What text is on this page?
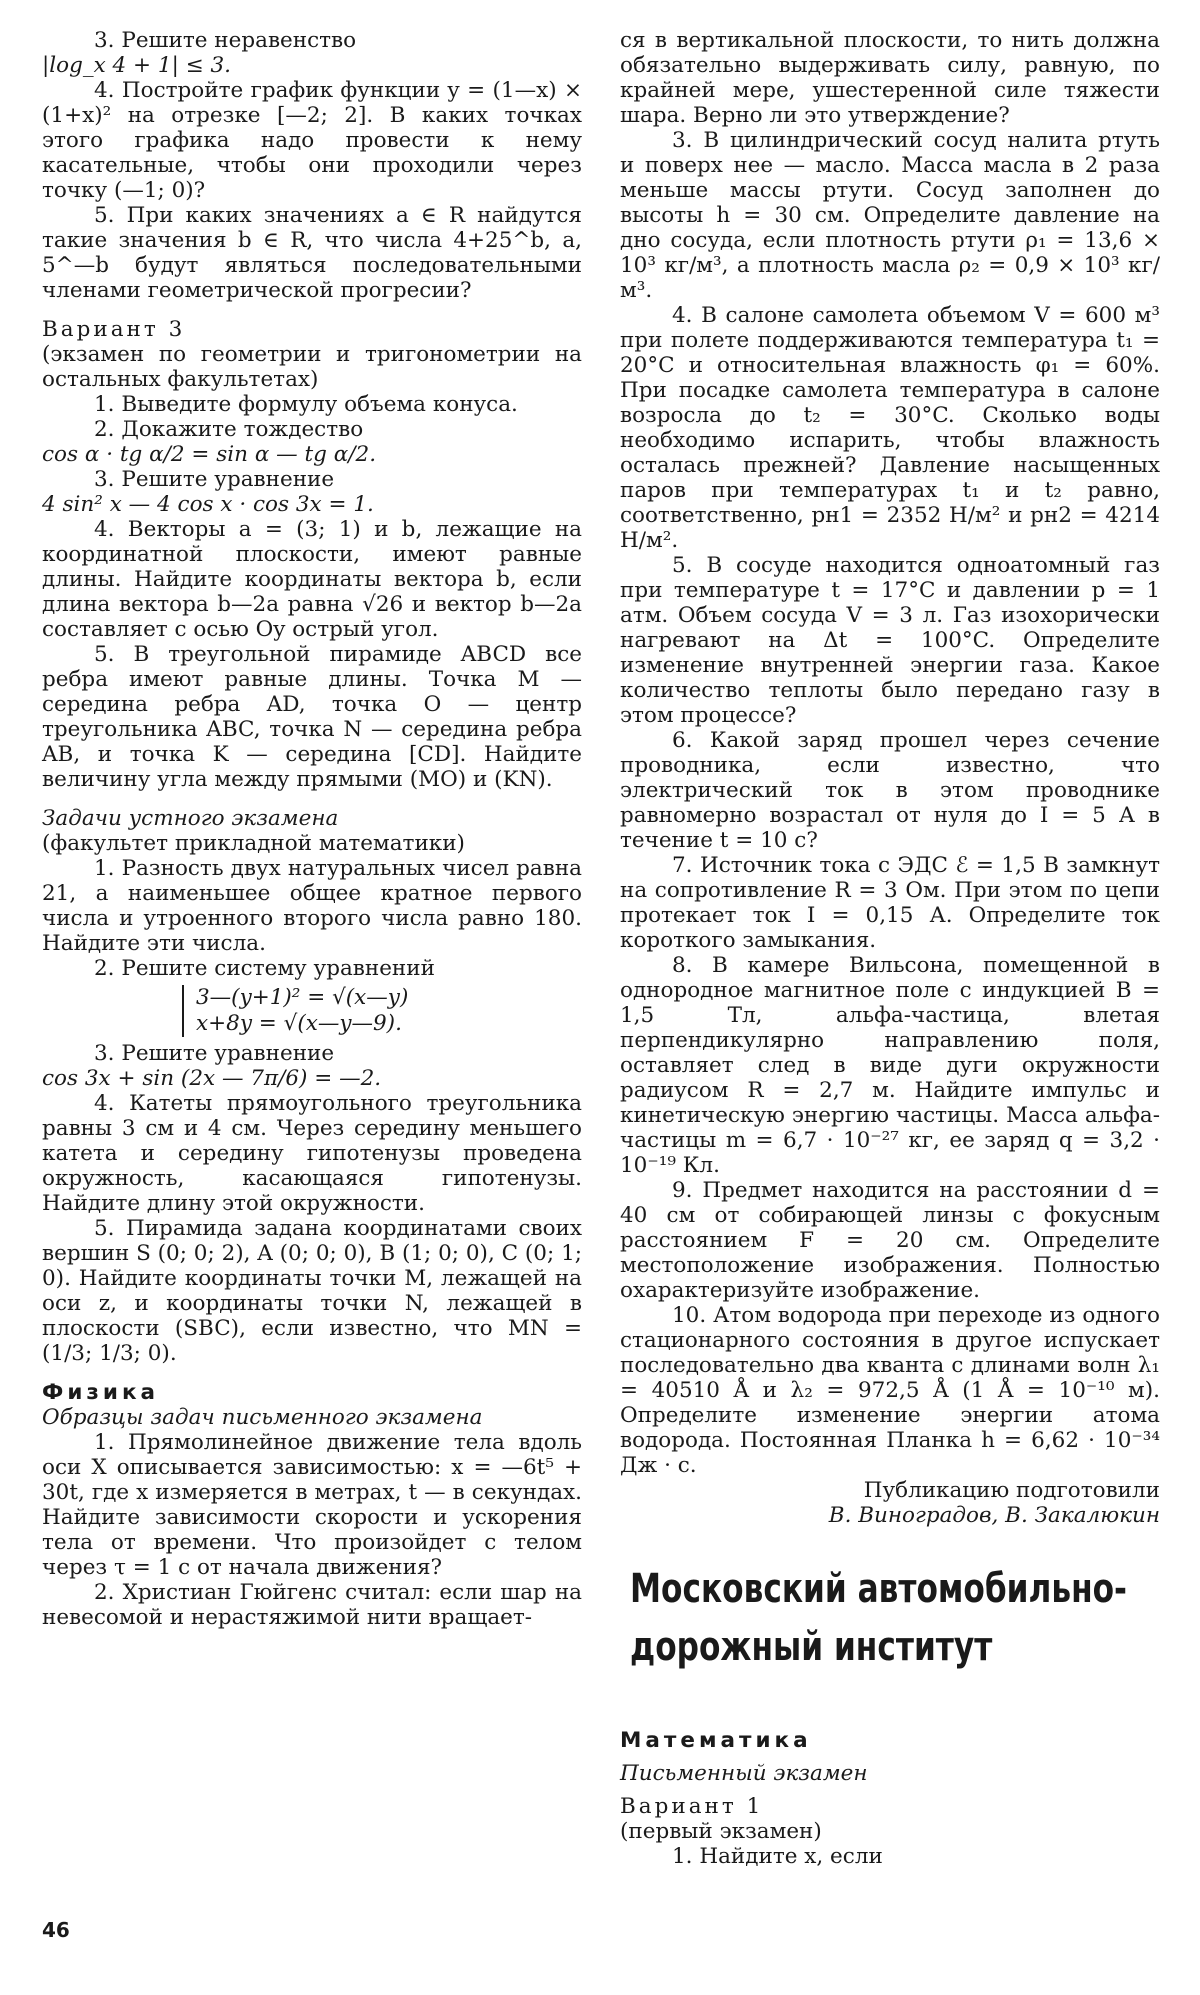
3. Решите неравенство

|log_x 4 + 1| ≤ 3.

4. Постройте график функции y = (1—x) × (1+x)² на отрезке [—2; 2]. В каких точках этого графика надо провести к нему касательные, чтобы они проходили через точку (—1; 0)?

5. При каких значениях a ∈ R найдутся такие значения b ∈ R, что числа 4+25^b, a, 5^—b будут являться последовательными членами геометрической прогресии?

Вариант 3

(экзамен по геометрии и тригонометрии на остальных факультетах)

1. Выведите формулу объема конуса.

2. Докажите тождество

cos α · tg α/2 = sin α — tg α/2.

3. Решите уравнение

4 sin² x — 4 cos x · cos 3x = 1.

4. Векторы a = (3; 1) и b, лежащие на координатной плоскости, имеют равные длины. Найдите координаты вектора b, если длина вектора b—2a равна √26 и вектор b—2a составляет с осью Oy острый угол.

5. В треугольной пирамиде ABCD все ребра имеют равные длины. Точка M — середина ребра AD, точка O — центр треугольника ABC, точка N — середина ребра AB, и точка K — середина [CD]. Найдите величину угла между прямыми (MO) и (KN).

Задачи устного экзамена

(факультет прикладной математики)

1. Разность двух натуральных чисел равна 21, а наименьшее общее кратное первого числа и утроенного второго числа равно 180. Найдите эти числа.

2. Решите систему уравнений

3—(y+1)² = √(x—y)
x+8y = √(x—y—9).

3. Решите уравнение

cos 3x + sin (2x — 7π/6) = —2.

4. Катеты прямоугольного треугольника равны 3 см и 4 см. Через середину меньшего катета и середину гипотенузы проведена окружность, касающаяся гипотенузы. Найдите длину этой окружности.

5. Пирамида задана координатами своих вершин S (0; 0; 2), A (0; 0; 0), B (1; 0; 0), C (0; 1; 0). Найдите координаты точки M, лежащей на оси z, и координаты точки N, лежащей в плоскости (SBC), если известно, что MN = (1/3; 1/3; 0).

Физика

Образцы задач письменного экзамена

1. Прямолинейное движение тела вдоль оси X описывается зависимостью: x = —6t⁵ + 30t, где x измеряется в метрах, t — в секундах. Найдите зависимости скорости и ускорения тела от времени. Что произойдет с телом через τ = 1 с от начала движения?

2. Христиан Гюйгенс считал: если шар на невесомой и нерастяжимой нити вращает-

ся в вертикальной плоскости, то нить должна обязательно выдерживать силу, равную, по крайней мере, ушестеренной силе тяжести шара. Верно ли это утверждение?

3. В цилиндрический сосуд налита ртуть и поверх нее — масло. Масса масла в 2 раза меньше массы ртути. Сосуд заполнен до высоты h = 30 см. Определите давление на дно сосуда, если плотность ртути ρ₁ = 13,6 × 10³ кг/м³, а плотность масла ρ₂ = 0,9 × 10³ кг/м³.

4. В салоне самолета объемом V = 600 м³ при полете поддерживаются температура t₁ = 20°C и относительная влажность φ₁ = 60%. При посадке самолета температура в салоне возросла до t₂ = 30°C. Сколько воды необходимо испарить, чтобы влажность осталась прежней? Давление насыщенных паров при температурах t₁ и t₂ равно, соответственно, pн1 = 2352 Н/м² и pн2 = 4214 Н/м².

5. В сосуде находится одноатомный газ при температуре t = 17°C и давлении p = 1 атм. Объем сосуда V = 3 л. Газ изохорически нагревают на Δt = 100°C. Определите изменение внутренней энергии газа. Какое количество теплоты было передано газу в этом процессе?

6. Какой заряд прошел через сечение проводника, если известно, что электрический ток в этом проводнике равномерно возрастал от нуля до I = 5 А в течение t = 10 с?

7. Источник тока с ЭДС ℰ = 1,5 В замкнут на сопротивление R = 3 Ом. При этом по цепи протекает ток I = 0,15 А. Определите ток короткого замыкания.

8. В камере Вильсона, помещенной в однородное магнитное поле с индукцией B = 1,5 Тл, альфа-частица, влетая перпендикулярно направлению поля, оставляет след в виде дуги окружности радиусом R = 2,7 м. Найдите импульс и кинетическую энергию частицы. Масса альфа-частицы m = 6,7 · 10⁻²⁷ кг, ее заряд q = 3,2 · 10⁻¹⁹ Кл.

9. Предмет находится на расстоянии d = 40 см от собирающей линзы с фокусным расстоянием F = 20 см. Определите местоположение изображения. Полностью охарактеризуйте изображение.

10. Атом водорода при переходе из одного стационарного состояния в другое испускает последовательно два кванта с длинами волн λ₁ = 40510 Å и λ₂ = 972,5 Å (1 Å = 10⁻¹⁰ м). Определите изменение энергии атома водорода. Постоянная Планка h = 6,62 · 10⁻³⁴ Дж · с.

Публикацию подготовили

В. Виноградов, В. Закалюкин

Московский автомобильно-дорожный институт

Математика

Письменный экзамен

Вариант 1

(первый экзамен)

1. Найдите x, если

46
